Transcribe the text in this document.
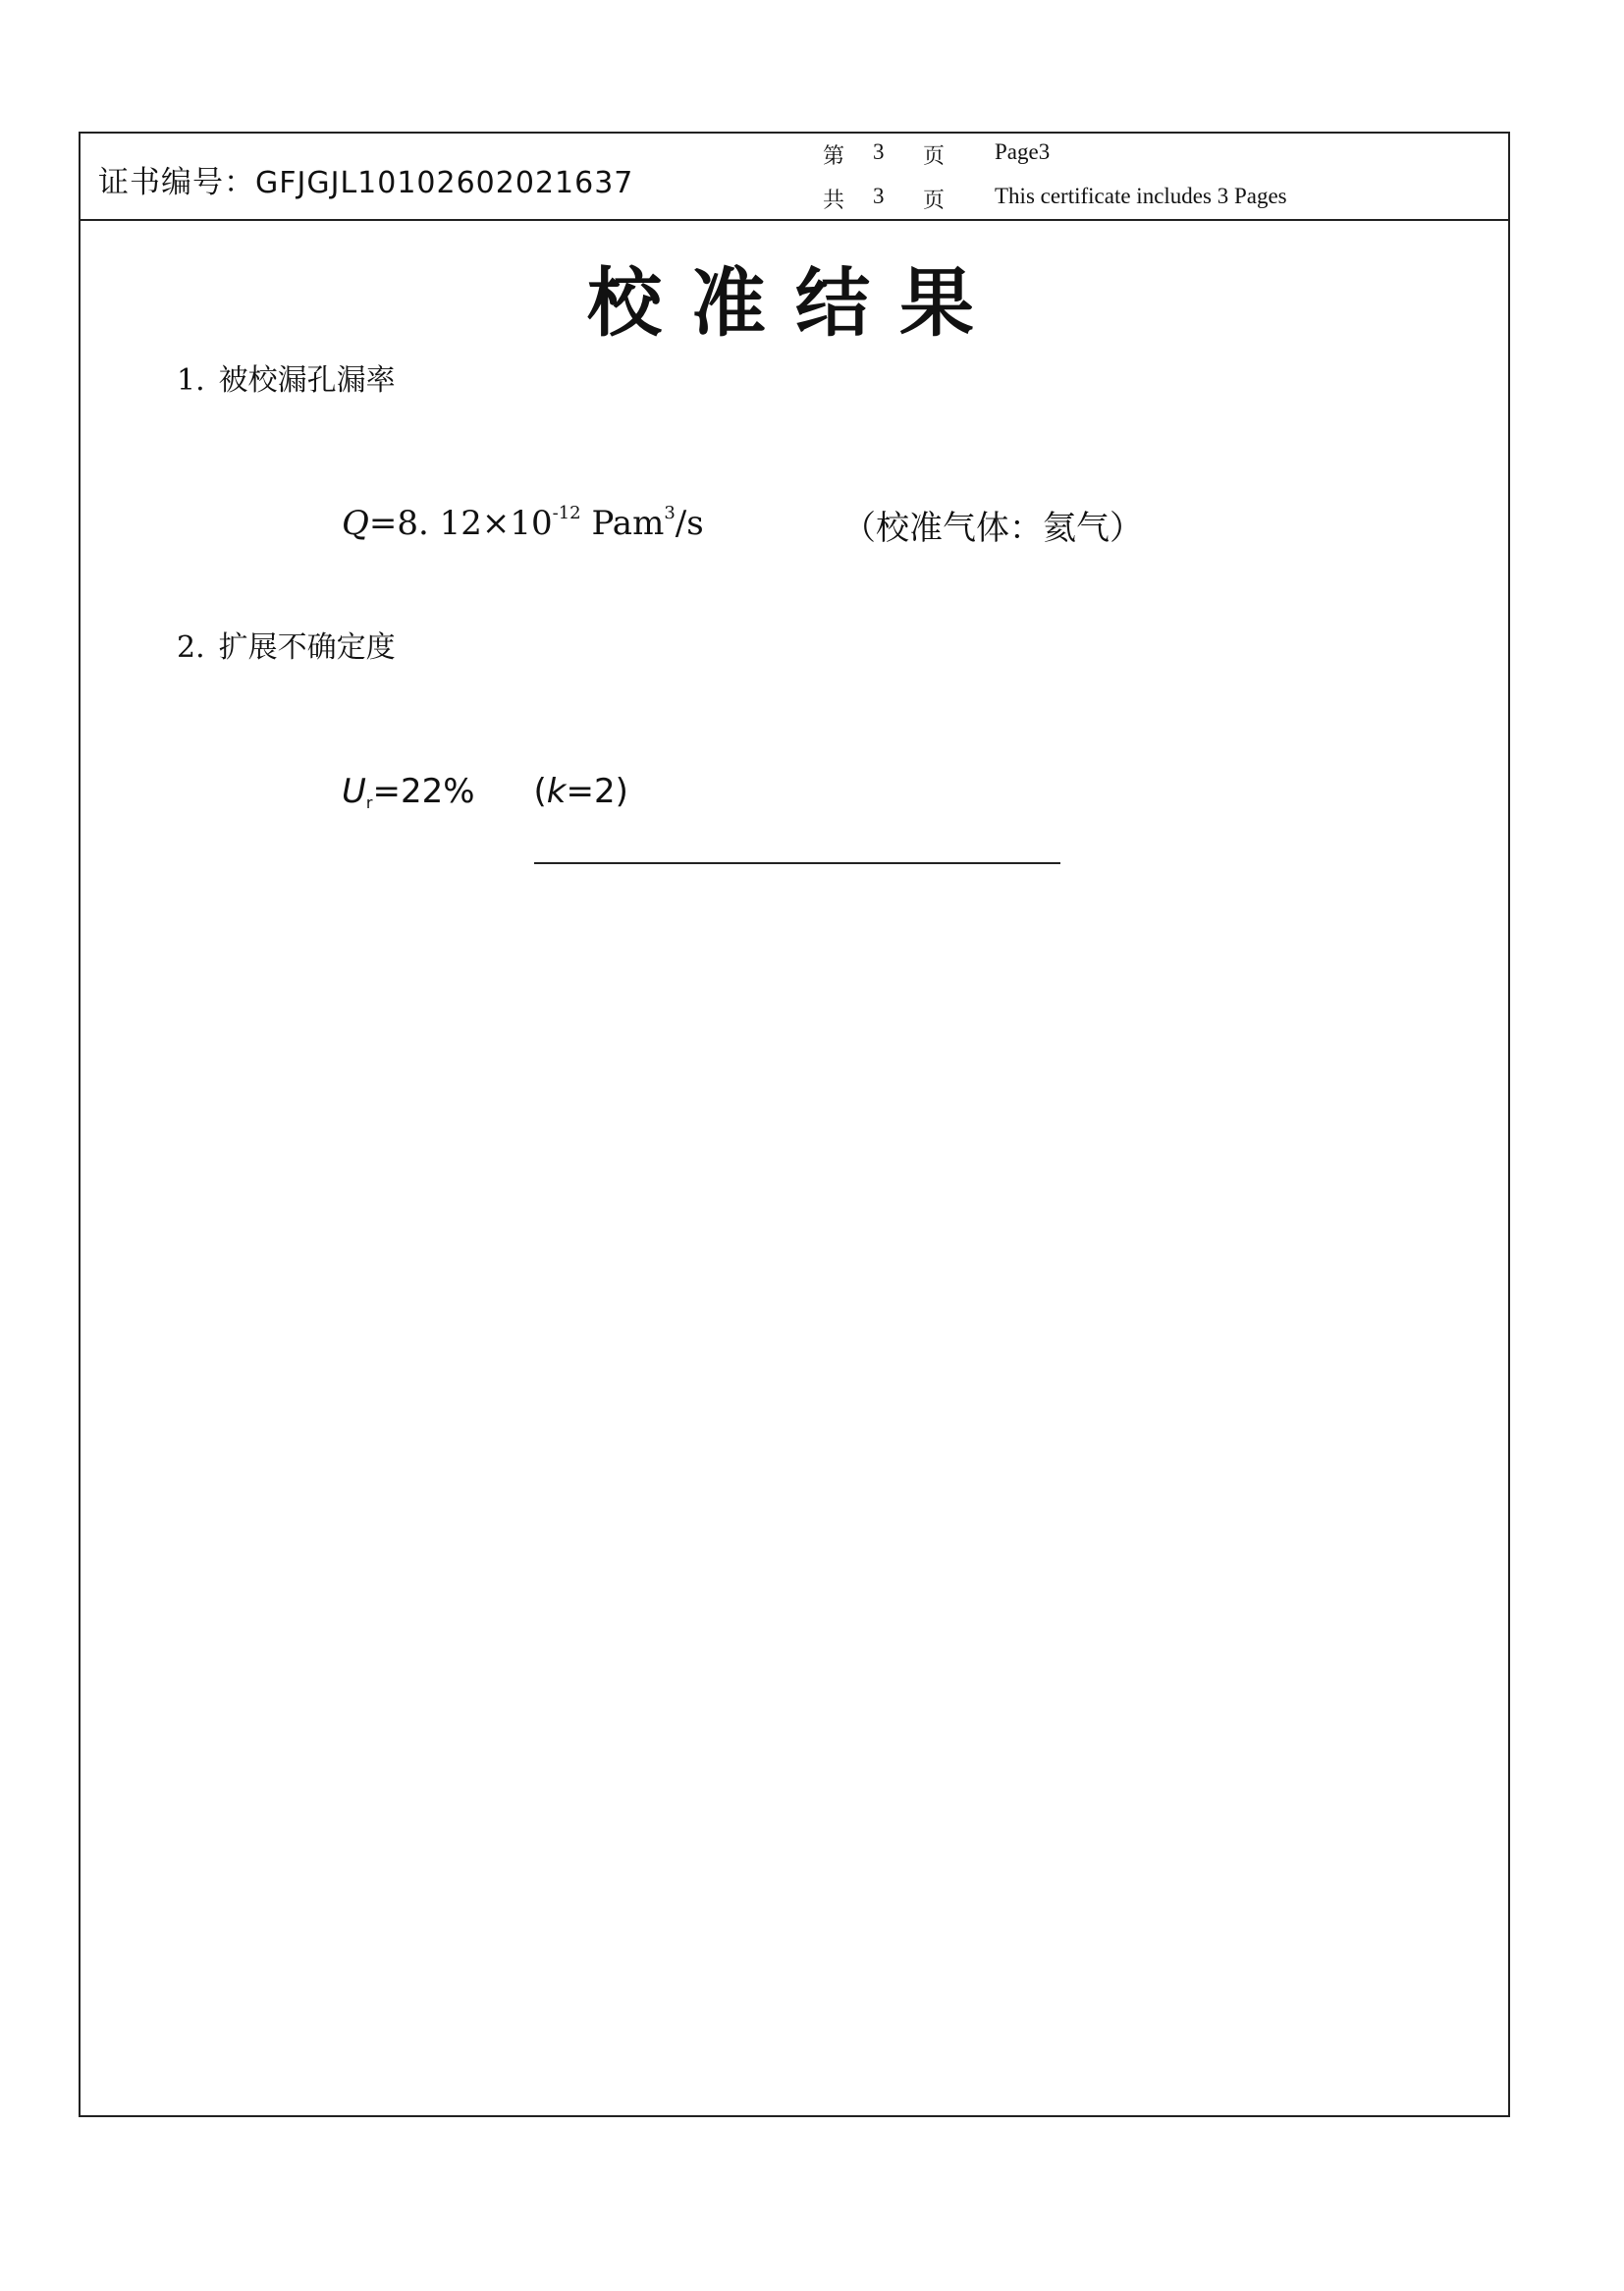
证书编号：GFJGJL10102602021637
第 3 页 Page3
共 3 页 This certificate includes 3 Pages
校准结果
1. 被校漏孔漏率
Q=8. $12\times 10^{-12}$ Pam$^3$/s	（校准气体：氦气）
2. 扩展不确定度
$U_r=22\%$ (k=2)
